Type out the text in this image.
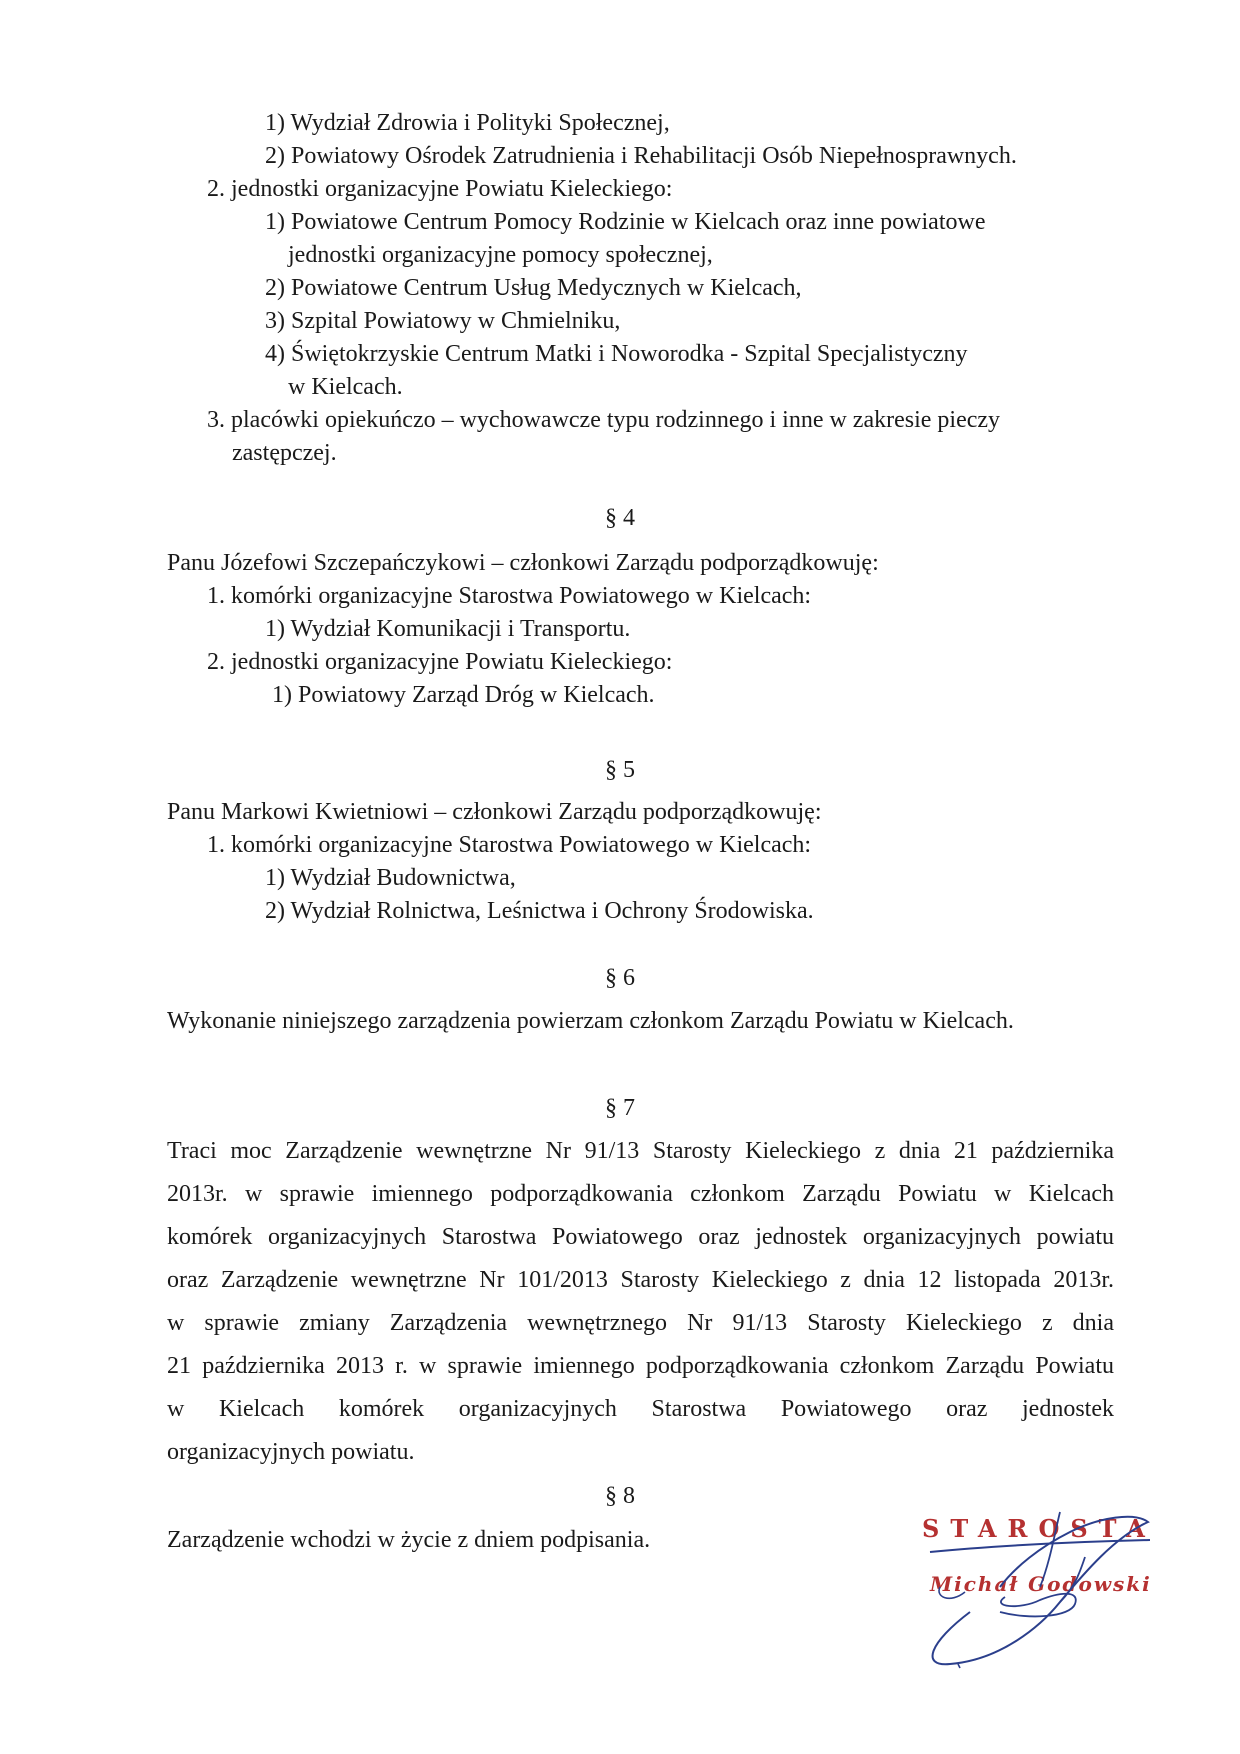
1) Wydział Zdrowia i Polityki Społecznej,
2) Powiatowy Ośrodek Zatrudnienia i Rehabilitacji Osób Niepełnosprawnych.
2. jednostki organizacyjne Powiatu Kieleckiego:
1) Powiatowe Centrum Pomocy Rodzinie w Kielcach oraz inne powiatowe
jednostki organizacyjne pomocy społecznej,
2) Powiatowe Centrum Usług Medycznych w Kielcach,
3) Szpital Powiatowy w Chmielniku,
4) Świętokrzyskie Centrum Matki i Noworodka - Szpital Specjalistyczny
w Kielcach.
3. placówki opiekuńczo – wychowawcze typu rodzinnego i inne w zakresie pieczy
zastępczej.
§ 4
Panu Józefowi Szczepańczykowi – członkowi Zarządu podporządkowuję:
1. komórki organizacyjne Starostwa Powiatowego w Kielcach:
1) Wydział Komunikacji i Transportu.
2. jednostki organizacyjne Powiatu Kieleckiego:
1) Powiatowy Zarząd Dróg w Kielcach.
§ 5
Panu Markowi Kwietniowi – członkowi Zarządu podporządkowuję:
1. komórki organizacyjne Starostwa Powiatowego w Kielcach:
1) Wydział Budownictwa,
2) Wydział Rolnictwa, Leśnictwa i Ochrony Środowiska.
§ 6
Wykonanie niniejszego zarządzenia powierzam członkom Zarządu Powiatu w Kielcach.
§ 7
Traci moc Zarządzenie wewnętrzne Nr 91/13 Starosty Kieleckiego z dnia 21 października
2013r. w sprawie imiennego podporządkowania członkom Zarządu Powiatu w Kielcach
komórek organizacyjnych Starostwa Powiatowego oraz jednostek organizacyjnych powiatu
oraz Zarządzenie wewnętrzne Nr 101/2013 Starosty Kieleckiego z dnia 12 listopada 2013r.
w sprawie zmiany Zarządzenia wewnętrznego Nr 91/13 Starosty Kieleckiego z dnia
21 października 2013 r. w sprawie imiennego podporządkowania członkom Zarządu Powiatu
w Kielcach komórek organizacyjnych Starostwa Powiatowego oraz jednostek
organizacyjnych powiatu.
§ 8
Zarządzenie wchodzi w życie z dniem podpisania.	STAROSTA
Michał Godowski
